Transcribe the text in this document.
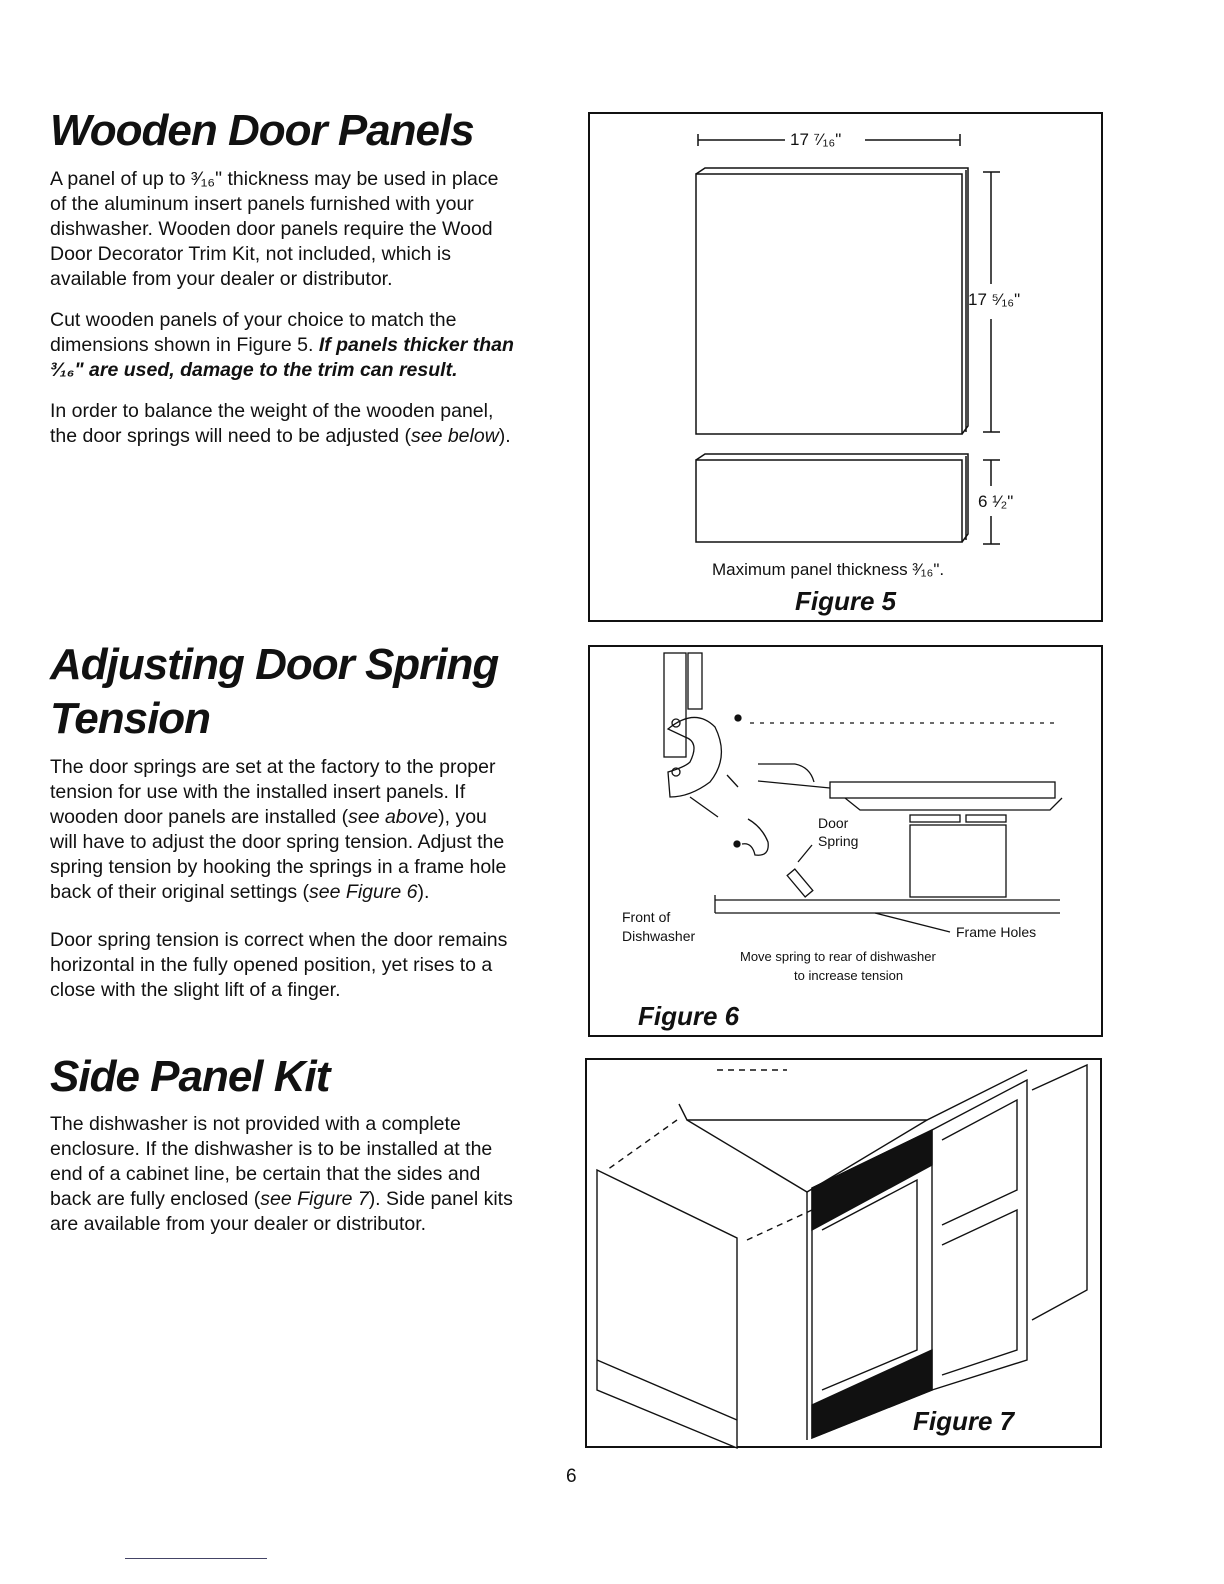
Wooden Door Panels
A panel of up to ³⁄₁₆" thickness may be used in place
of the aluminum insert panels furnished with your
dishwasher. Wooden door panels require the Wood
Door Decorator Trim Kit, not included, which is
available from your dealer or distributor.
Cut wooden panels of your choice to match the
dimensions shown in Figure 5. If panels thicker than
³⁄₁₆" are used, damage to the trim can result.
In order to balance the weight of the wooden panel,
the door springs will need to be adjusted (see below).
Adjusting Door Spring
Tension
The door springs are set at the factory to the proper
tension for use with the installed insert panels. If
wooden door panels are installed (see above), you
will have to adjust the door spring tension. Adjust the
spring tension by hooking the springs in a frame hole
back of their original settings (see Figure 6).
Door spring tension is correct when the door remains
horizontal in the fully opened position, yet rises to a
close with the slight lift of a finger.
Side Panel Kit
The dishwasher is not provided with a complete
enclosure. If the dishwasher is to be installed at the
end of a cabinet line, be certain that the sides and
back are fully enclosed (see Figure 7). Side panel kits
are available from your dealer or distributor.
17 ⁷⁄₁₆"
17 ⁵⁄₁₆"
6 ¹⁄₂"
Maximum panel thickness ³⁄₁₆".
Figure 5
Door
Spring
Front of
Dishwasher	Frame Holes
Move spring to rear of dishwasher
to increase tension
Figure 6
Figure 7
6
